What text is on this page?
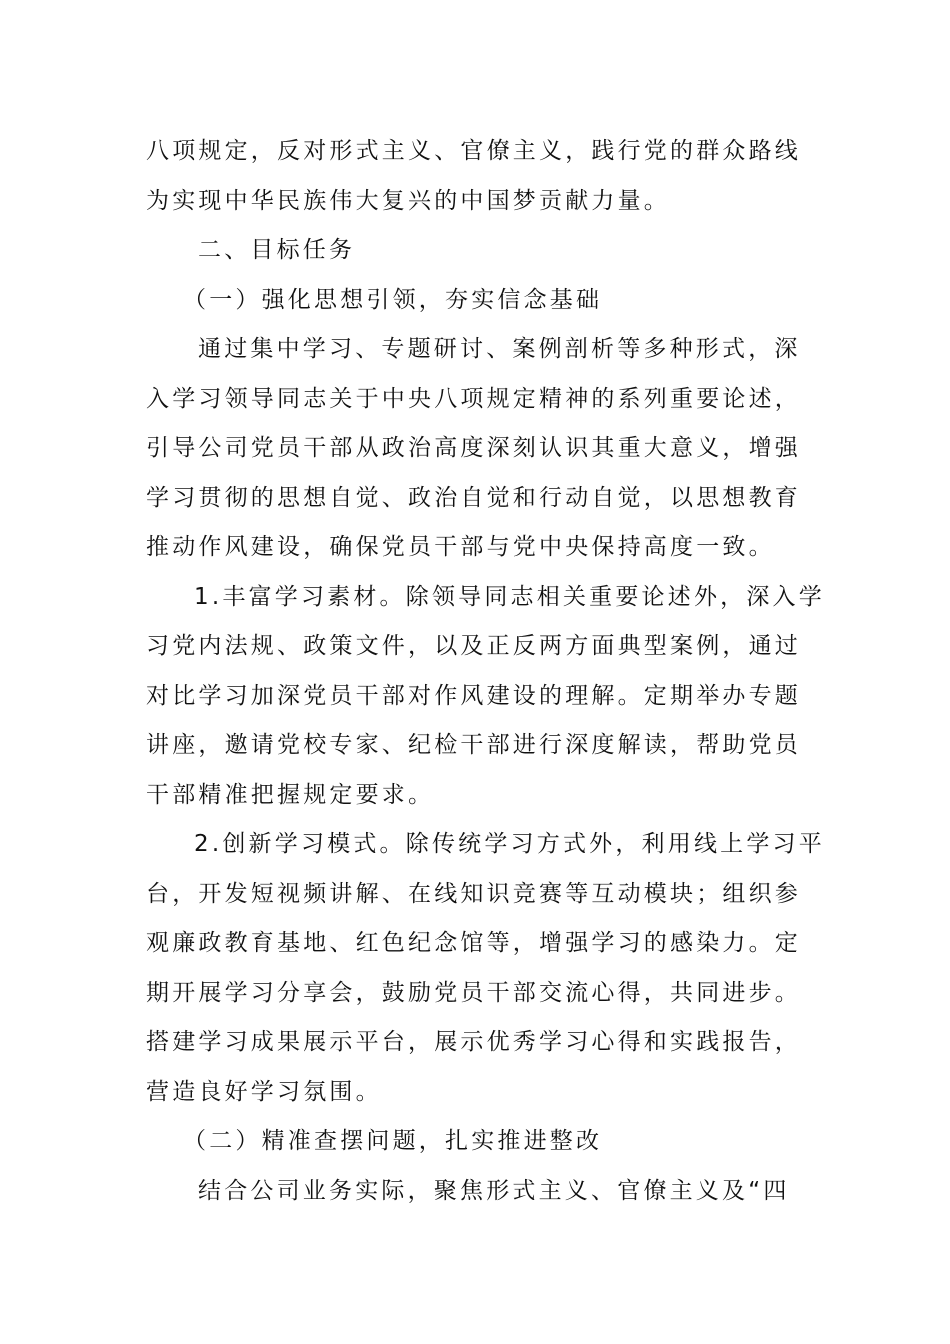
八项规定，反对形式主义、官僚主义，践行党的群众路线
为实现中华民族伟大复兴的中国梦贡献力量。
二、目标任务
（一）强化思想引领，夯实信念基础
通过集中学习、专题研讨、案例剖析等多种形式，深
入学习领导同志关于中央八项规定精神的系列重要论述，
引导公司党员干部从政治高度深刻认识其重大意义，增强
学习贯彻的思想自觉、政治自觉和行动自觉，以思想教育
推动作风建设，确保党员干部与党中央保持高度一致。
1.丰富学习素材。除领导同志相关重要论述外，深入学
习党内法规、政策文件，以及正反两方面典型案例，通过
对比学习加深党员干部对作风建设的理解。定期举办专题
讲座，邀请党校专家、纪检干部进行深度解读，帮助党员
干部精准把握规定要求。
2.创新学习模式。除传统学习方式外，利用线上学习平
台，开发短视频讲解、在线知识竞赛等互动模块；组织参
观廉政教育基地、红色纪念馆等，增强学习的感染力。定
期开展学习分享会，鼓励党员干部交流心得，共同进步。
搭建学习成果展示平台，展示优秀学习心得和实践报告，
营造良好学习氛围。
（二）精准查摆问题，扎实推进整改
结合公司业务实际，聚焦形式主义、官僚主义及“四
